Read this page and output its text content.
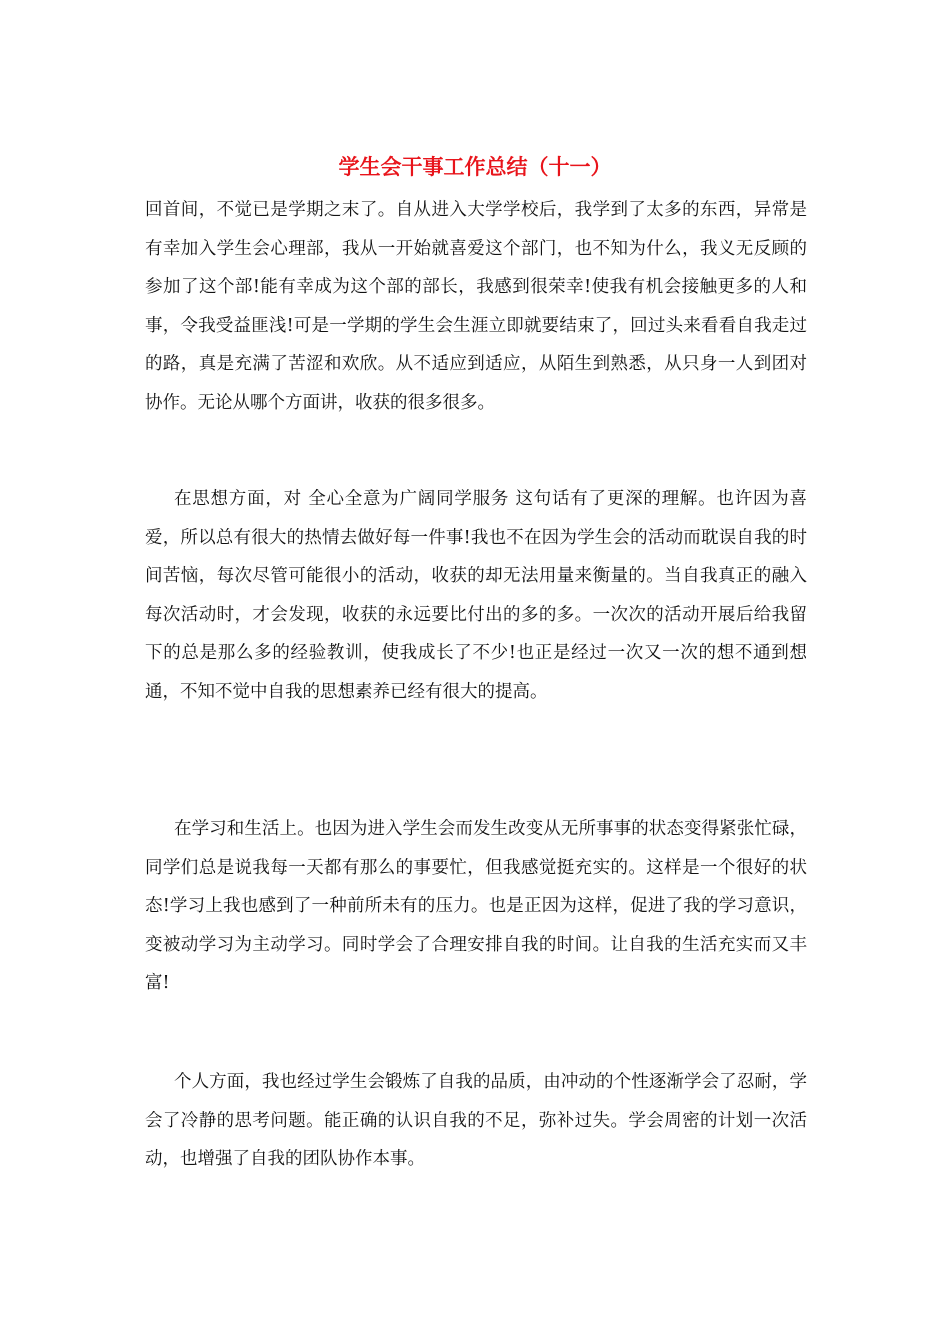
学生会干事工作总结（十一）

回首间，不觉已是学期之末了。自从进入大学学校后，我学到了太多的东西，异常是有幸加入学生会心理部，我从一开始就喜爱这个部门，也不知为什么，我义无反顾的参加了这个部!能有幸成为这个部的部长，我感到很荣幸!使我有机会接触更多的人和事，令我受益匪浅!可是一学期的学生会生涯立即就要结束了，回过头来看看自我走过的路，真是充满了苦涩和欢欣。从不适应到适应，从陌生到熟悉，从只身一人到团对协作。无论从哪个方面讲，收获的很多很多。

在思想方面，对 全心全意为广阔同学服务 这句话有了更深的理解。也许因为喜爱，所以总有很大的热情去做好每一件事!我也不在因为学生会的活动而耽误自我的时间苦恼，每次尽管可能很小的活动，收获的却无法用量来衡量的。当自我真正的融入每次活动时，才会发现，收获的永远要比付出的多的多。一次次的活动开展后给我留下的总是那么多的经验教训，使我成长了不少!也正是经过一次又一次的想不通到想通，不知不觉中自我的思想素养已经有很大的提高。

在学习和生活上。也因为进入学生会而发生改变从无所事事的状态变得紧张忙碌，同学们总是说我每一天都有那么的事要忙，但我感觉挺充实的。这样是一个很好的状态!学习上我也感到了一种前所未有的压力。也是正因为这样，促进了我的学习意识，变被动学习为主动学习。同时学会了合理安排自我的时间。让自我的生活充实而又丰富!

个人方面，我也经过学生会锻炼了自我的品质，由冲动的个性逐渐学会了忍耐，学会了冷静的思考问题。能正确的认识自我的不足，弥补过失。学会周密的计划一次活动，也增强了自我的团队协作本事。
